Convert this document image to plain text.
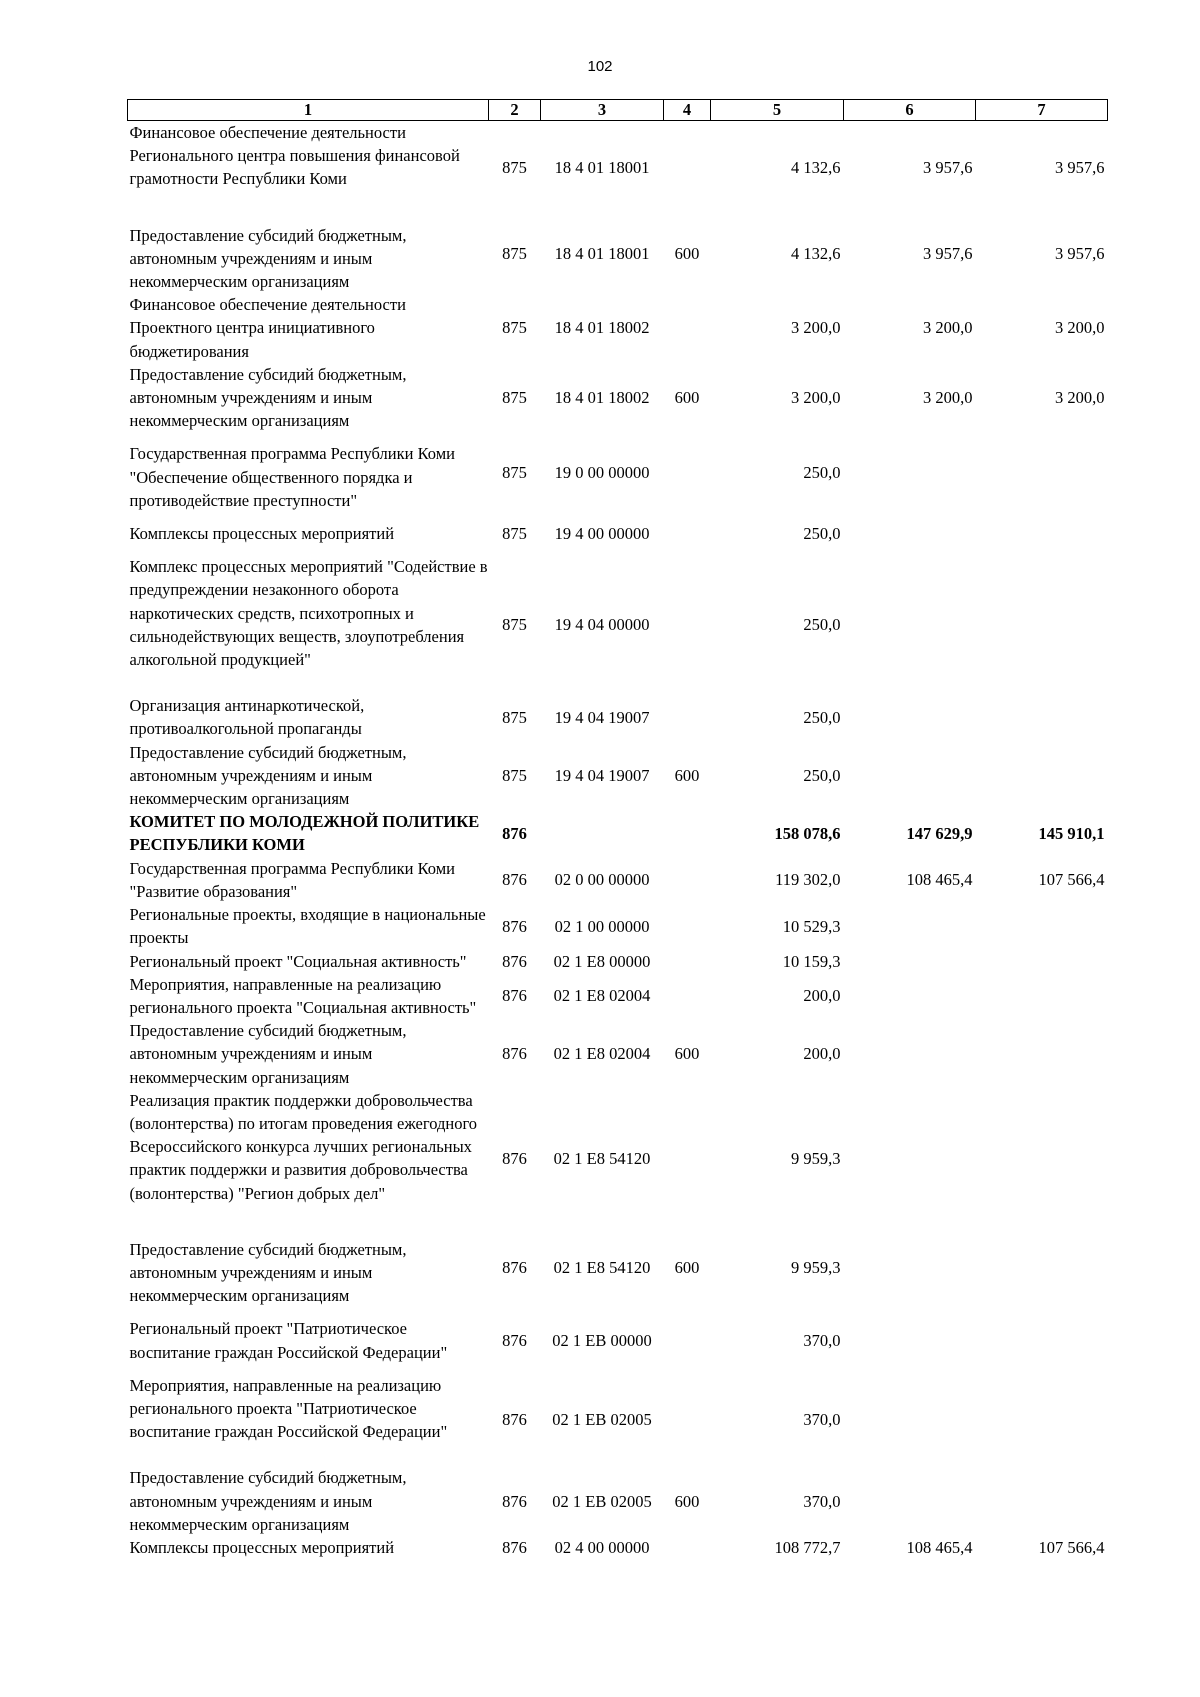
102
1	2	3	4	5	6	7
Финансовое обеспечение деятельности Регионального центра повышения финансовой грамотности Республики Коми	875	18 4 01 18001		4 132,6	3 957,6	3 957,6
Предоставление субсидий бюджетным, автономным учреждениям и иным некоммерческим организациям	875	18 4 01 18001	600	4 132,6	3 957,6	3 957,6
Финансовое обеспечение деятельности Проектного центра инициативного бюджетирования	875	18 4 01 18002		3 200,0	3 200,0	3 200,0
Предоставление субсидий бюджетным, автономным учреждениям и иным некоммерческим организациям	875	18 4 01 18002	600	3 200,0	3 200,0	3 200,0
Государственная программа Республики Коми "Обеспечение общественного порядка и противодействие преступности"	875	19 0 00 00000		250,0		
Комплексы процессных мероприятий	875	19 4 00 00000		250,0		
Комплекс процессных мероприятий "Содействие в предупреждении незаконного оборота наркотических средств, психотропных и сильнодействующих веществ, злоупотребления алкогольной продукцией"	875	19 4 04 00000		250,0		
Организация антинаркотической, противоалкогольной пропаганды	875	19 4 04 19007		250,0		
Предоставление субсидий бюджетным, автономным учреждениям и иным некоммерческим организациям	875	19 4 04 19007	600	250,0		
КОМИТЕТ ПО МОЛОДЕЖНОЙ ПОЛИТИКЕ РЕСПУБЛИКИ КОМИ	876			158 078,6	147 629,9	145 910,1
Государственная программа Республики Коми "Развитие образования"	876	02 0 00 00000		119 302,0	108 465,4	107 566,4
Региональные проекты, входящие в национальные проекты	876	02 1 00 00000		10 529,3		
Региональный проект "Социальная активность"	876	02 1 E8 00000		10 159,3		
Мероприятия, направленные на реализацию регионального проекта "Социальная активность"	876	02 1 E8 02004		200,0		
Предоставление субсидий бюджетным, автономным учреждениям и иным некоммерческим организациям	876	02 1 E8 02004	600	200,0		
Реализация практик поддержки добровольчества (волонтерства) по итогам проведения ежегодного Всероссийского конкурса лучших региональных практик поддержки и развития добровольчества (волонтерства) "Регион добрых дел"	876	02 1 E8 54120		9 959,3		
Предоставление субсидий бюджетным, автономным учреждениям и иным некоммерческим организациям	876	02 1 E8 54120	600	9 959,3		
Региональный проект "Патриотическое воспитание граждан Российской Федерации"	876	02 1 EB 00000		370,0		
Мероприятия, направленные на реализацию регионального проекта "Патриотическое воспитание граждан Российской Федерации"	876	02 1 EB 02005		370,0		
Предоставление субсидий бюджетным, автономным учреждениям и иным некоммерческим организациям	876	02 1 EB 02005	600	370,0		
Комплексы процессных мероприятий	876	02 4 00 00000		108 772,7	108 465,4	107 566,4
